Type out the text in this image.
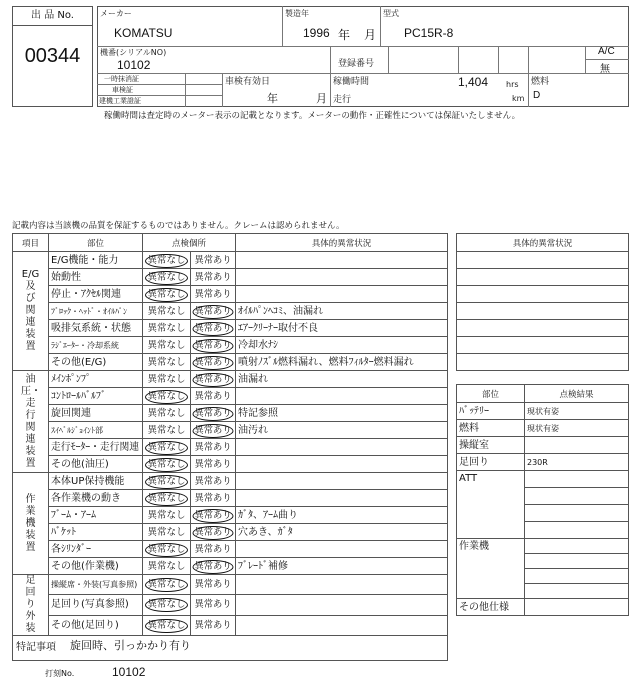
出 品 No.
00344
メーカー
KOMATSU
製造年
1996 年 月
型式
PC15R-8
機番(シリアルNO)
10102	登録番号
A/C
無
一時抹消証
車検証
建機工業證証
車検有効日
年	月
稼働時間	1,404 hrs
走行	km
燃料
D
稼働時間は査定時のメーター表示の記載となります。メーターの動作・正確性については保証いたしません。
記載内容は当該機の品質を保証するものではありません。クレームは認められません。
項目	部位	点検個所		具体的異常状況
E/G及び関連装置	E/G機能・能力	異常なし	異常あり	
	始動性	異常なし	異常あり	
	停止・ｱｸｾﾙ関連	異常なし	異常あり	
	ﾌﾞﾛｯｸ・ﾍｯﾄﾞ・ｵｲﾙﾊﾟﾝ	異常なし	異常あり	ｵｲﾙﾊﾟﾝﾍｺﾐ、油漏れ
	吸排気系統・状態	異常なし	異常あり	ｴｱｰｸﾘｰﾅｰ取付不良
	ﾗｼﾞｴｰﾀｰ・冷却系統	異常なし	異常あり	冷却水ﾅｼ
	その他(E/G)	異常なし	異常あり	噴射ﾉｽﾞﾙ燃料漏れ、燃料ﾌｨﾙﾀｰ燃料漏れ
油圧・走行関連装置	ﾒｲﾝﾎﾟﾝﾌﾟ	異常なし	異常あり	油漏れ
	ｺﾝﾄﾛｰﾙﾊﾞﾙﾌﾞ	異常なし	異常あり	
	旋回関連	異常なし	異常あり	特記参照
	ｽｲﾍﾞﾙｼﾞｮｲﾝﾄ部	異常なし	異常あり	油汚れ
	走行ﾓｰﾀｰ・走行関連	異常なし	異常あり	
	その他(油圧)	異常なし	異常あり	
作業機装置	本体UP保持機能	異常なし	異常あり	
	各作業機の動き	異常なし	異常あり	
	ﾌﾞｰﾑ・ｱｰﾑ	異常なし	異常あり	ｶﾞﾀ、ｱｰﾑ曲り
	ﾊﾞｹｯﾄ	異常なし	異常あり	穴あき、ｶﾞﾀ
	各ｼﾘﾝﾀﾞｰ	異常なし	異常あり	
	その他(作業機)	異常なし	異常あり	ﾌﾞﾚｰﾄﾞ補修
足回り外装	操縦席・外装(写真参照)	異常なし	異常あり	
	足回り(写真参照)	異常なし	異常あり	
	その他(足回り)	異常なし	異常あり	
特記事項 旋回時、引っかかり有り
打刻No.	10102
具体的異常状況

部位	点検結果
ﾊﾞｯﾃﾘｰ	現状有姿
燃料	現状有姿
操縦室	
足回り	230R
ATT	

作業機	

その他仕様	
